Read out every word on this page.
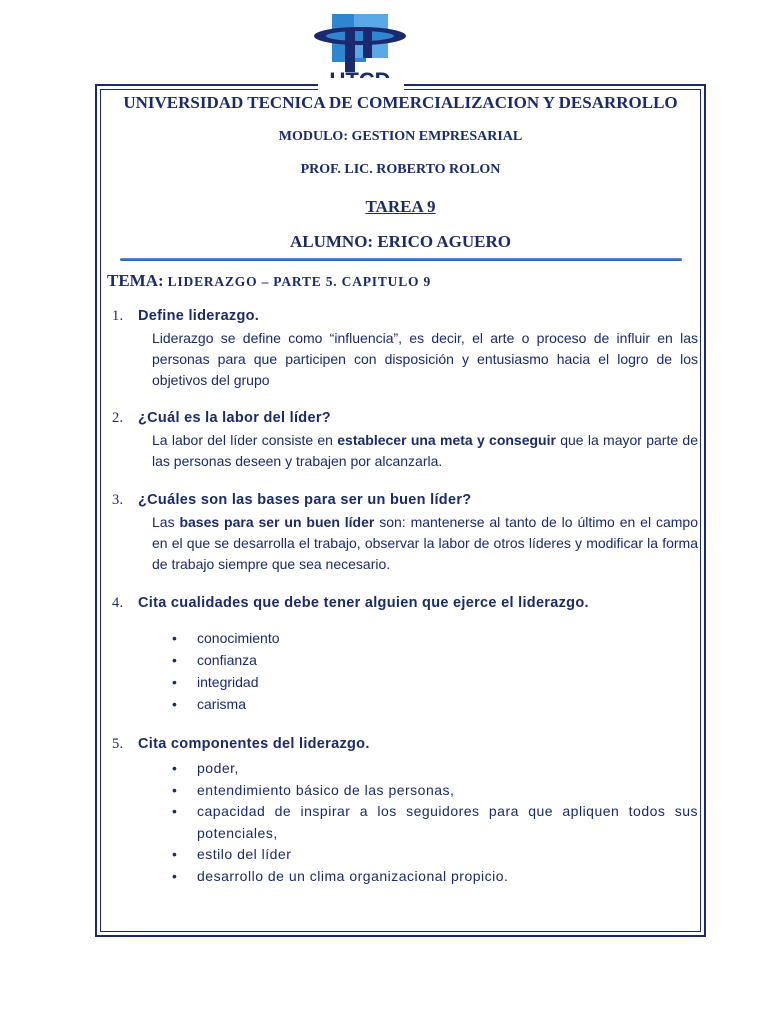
UNIVERSIDAD TECNICA DE COMERCIALIZACION Y DESARROLLO
MODULO: GESTION EMPRESARIAL
PROF. LIC. ROBERTO ROLON
TAREA 9
ALUMNO: ERICO AGUERO
TEMA: LIDERAZGO – PARTE 5. CAPITULO 9
1.	Define liderazgo.
Liderazgo se define como “influencia”, es decir, el arte o proceso de influir en las personas para que participen con disposición y entusiasmo hacia el logro de los objetivos del grupo
2.	¿Cuál es la labor del líder?
La labor del líder consiste en establecer una meta y conseguir que la mayor parte de las personas deseen y trabajen por alcanzarla.
3.	¿Cuáles son las bases para ser un buen líder?
Las bases para ser un buen líder son: mantenerse al tanto de lo último en el campo en el que se desarrolla el trabajo, observar la labor de otros líderes y modificar la forma de trabajo siempre que sea necesario.
4.	Cita cualidades que debe tener alguien que ejerce el liderazgo.
• conocimiento
• confianza
• integridad
• carisma
5.	Cita componentes del liderazgo.
• poder,
• entendimiento básico de las personas,
• capacidad de inspirar a los seguidores para que apliquen todos sus potenciales,
• estilo del líder
• desarrollo de un clima organizacional propicio.
